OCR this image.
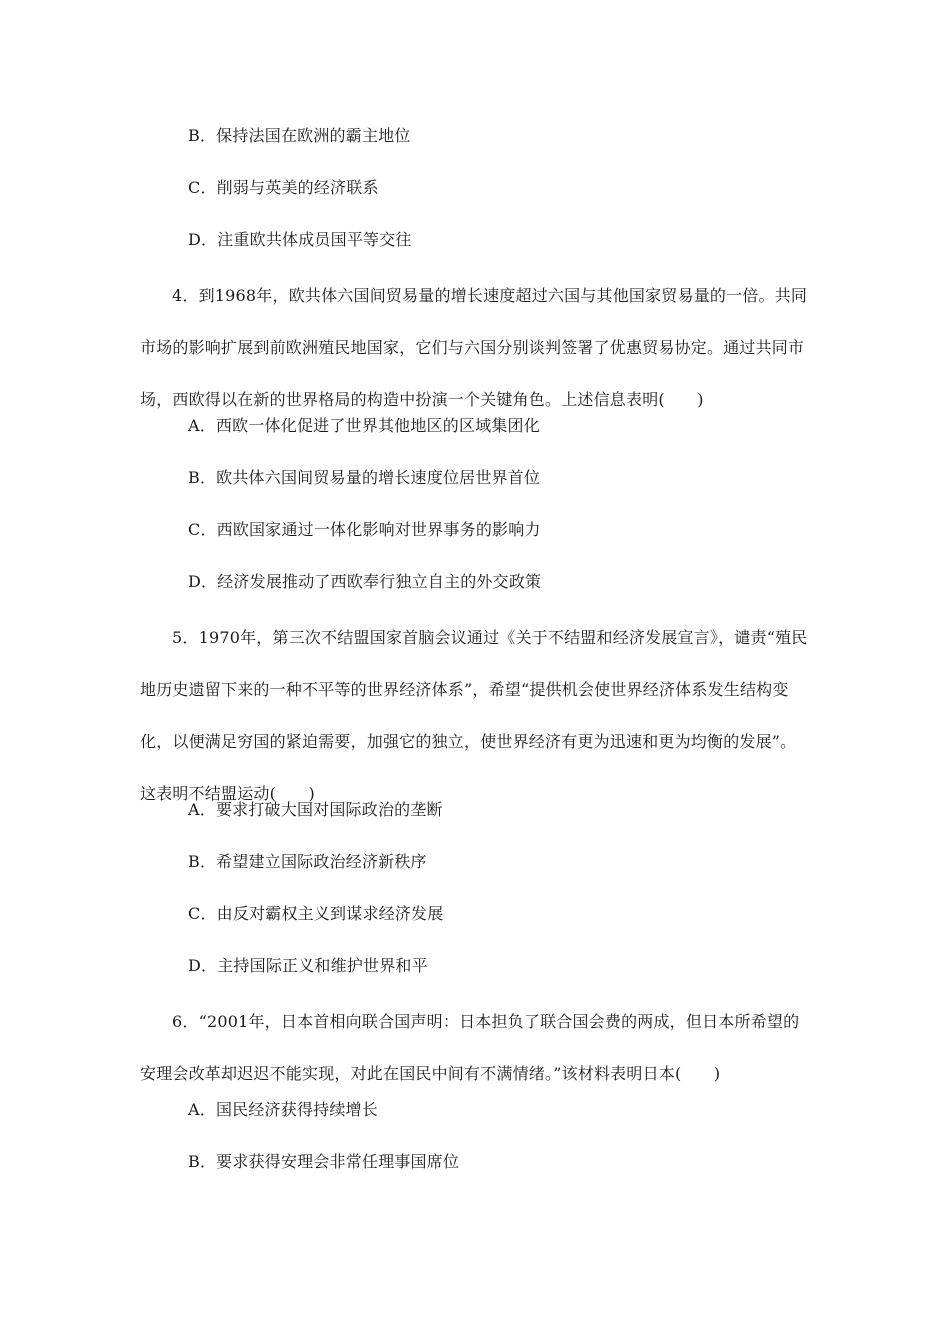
B．保持法国在欧洲的霸主地位
C．削弱与英美的经济联系
D．注重欧共体成员国平等交往
4．到1968年，欧共体六国间贸易量的增长速度超过六国与其他国家贸易量的一倍。共同市场的影响扩展到前欧洲殖民地国家，它们与六国分别谈判签署了优惠贸易协定。通过共同市场，西欧得以在新的世界格局的构造中扮演一个关键角色。上述信息表明(　　)
A．西欧一体化促进了世界其他地区的区域集团化
B．欧共体六国间贸易量的增长速度位居世界首位
C．西欧国家通过一体化影响对世界事务的影响力
D．经济发展推动了西欧奉行独立自主的外交政策
5．1970年，第三次不结盟国家首脑会议通过《关于不结盟和经济发展宣言》，谴责“殖民地历史遗留下来的一种不平等的世界经济体系”，希望“提供机会使世界经济体系发生结构变化，以便满足穷国的紧迫需要，加强它的独立，使世界经济有更为迅速和更为均衡的发展”。这表明不结盟运动(　　)
A．要求打破大国对国际政治的垄断
B．希望建立国际政治经济新秩序
C．由反对霸权主义到谋求经济发展
D．主持国际正义和维护世界和平
6．“2001年，日本首相向联合国声明：日本担负了联合国会费的两成，但日本所希望的安理会改革却迟迟不能实现，对此在国民中间有不满情绪。”该材料表明日本(　　)
A．国民经济获得持续增长
B．要求获得安理会非常任理事国席位
